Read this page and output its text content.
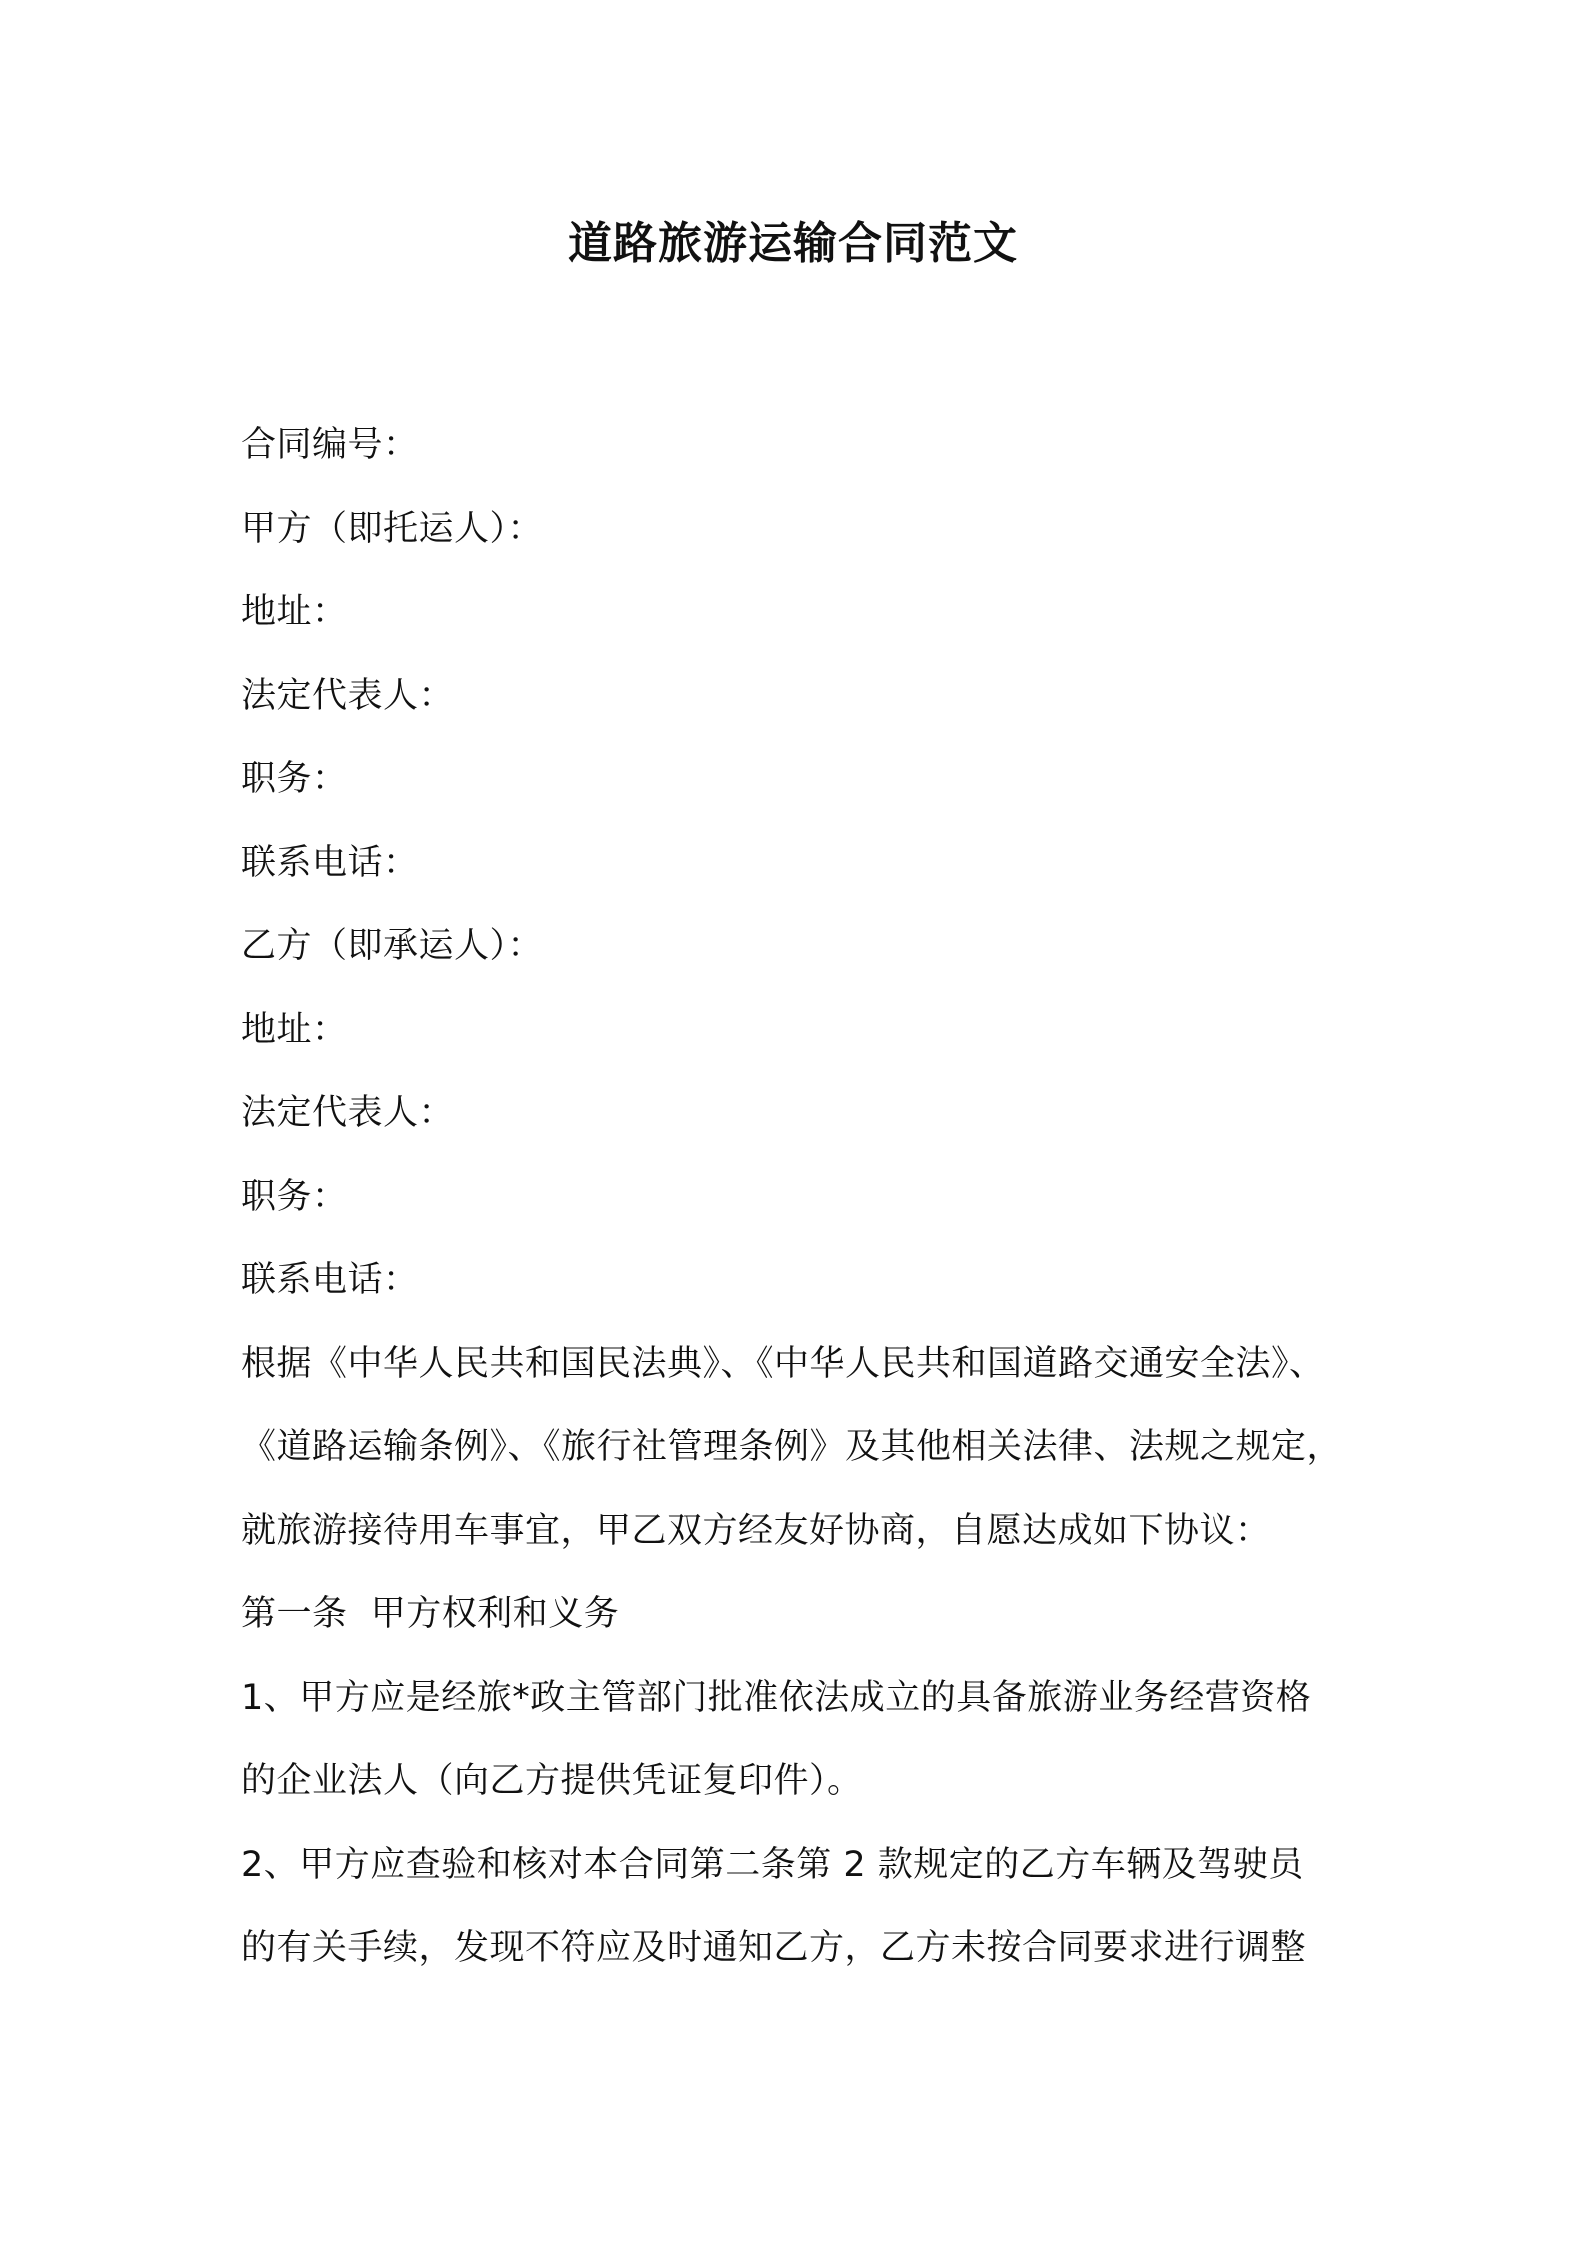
道路旅游运输合同范文

合同编号：

甲方（即托运人）：

地址：

法定代表人：

职务：

联系电话：

乙方（即承运人）：

地址：

法定代表人：

职务：

联系电话：

根据《中华人民共和国民法典》、《中华人民共和国道路交通安全法》、

《道路运输条例》、《旅行社管理条例》及其他相关法律、法规之规定，

就旅游接待用车事宜，甲乙双方经友好协商，自愿达成如下协议：

第一条  甲方权利和义务

1、甲方应是经旅*政主管部门批准依法成立的具备旅游业务经营资格

的企业法人（向乙方提供凭证复印件）。

2、甲方应查验和核对本合同第二条第 2 款规定的乙方车辆及驾驶员

的有关手续，发现不符应及时通知乙方，乙方未按合同要求进行调整
